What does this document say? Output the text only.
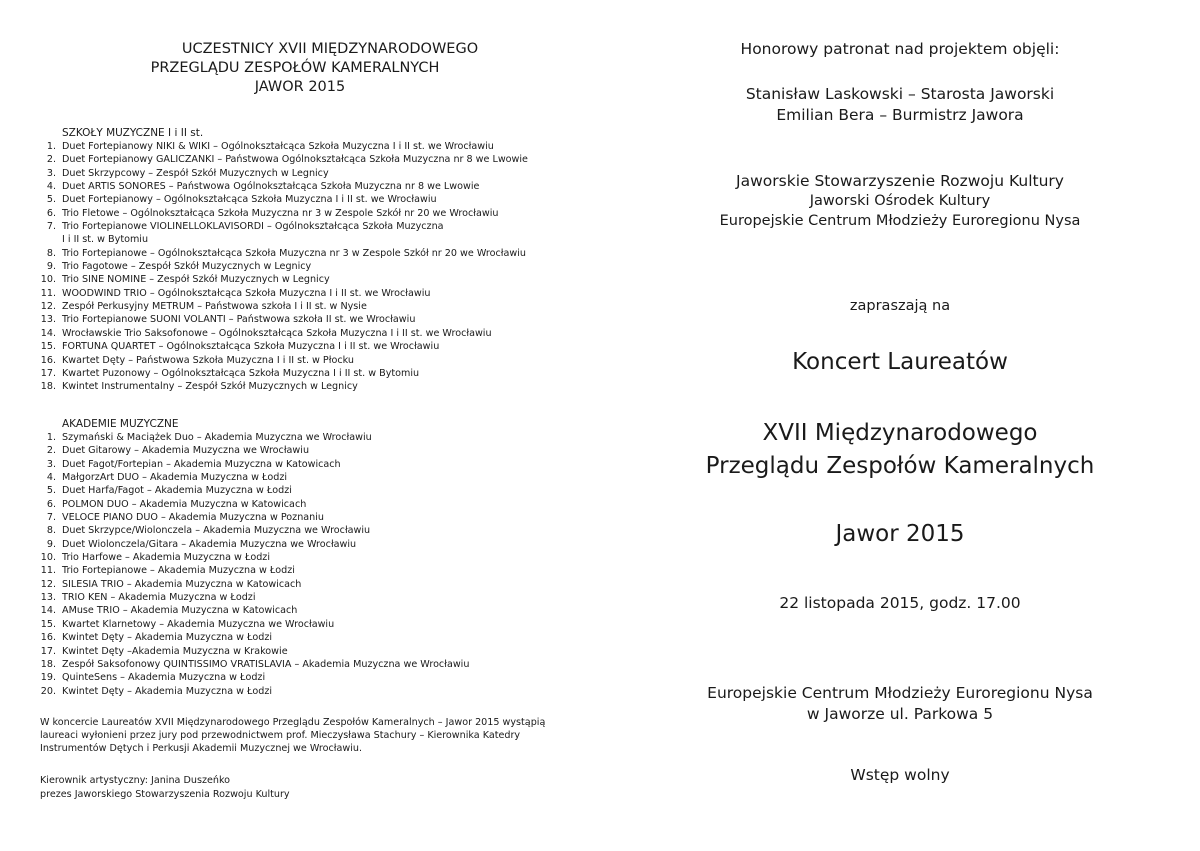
UCZESTNICY XVII MIĘDZYNARODOWEGO
PRZEGLĄDU ZESPOŁÓW KAMERALNYCH
JAWOR 2015
SZKOŁY MUZYCZNE I i II st.
1. Duet Fortepianowy NIKI & WIKI – Ogólnokształcąca Szkoła Muzyczna I i II st. we Wrocławiu
2. Duet Fortepianowy GALICZANKI – Państwowa Ogólnokształcąca Szkoła Muzyczna nr 8 we Lwowie
3. Duet Skrzypcowy – Zespół Szkół Muzycznych w Legnicy
4. Duet ARTIS SONORES – Państwowa Ogólnokształcąca Szkoła Muzyczna nr 8 we Lwowie
5. Duet Fortepianowy – Ogólnokształcąca Szkoła Muzyczna I i II st. we Wrocławiu
6. Trio Fletowe – Ogólnokształcąca Szkoła Muzyczna nr 3 w Zespole Szkół nr 20 we Wrocławiu
7. Trio Fortepianowe VIOLINELLOKLAVISORDI – Ogólnokształcąca Szkoła Muzyczna
I i II st. w Bytomiu
8. Trio Fortepianowe – Ogólnokształcąca Szkoła Muzyczna nr 3 w Zespole Szkół nr 20 we Wrocławiu
9. Trio Fagotowe – Zespół Szkół Muzycznych w Legnicy
10. Trio SINE NOMINE – Zespół Szkół Muzycznych w Legnicy
11. WOODWIND TRIO – Ogólnokształcąca Szkoła Muzyczna I i II st. we Wrocławiu
12. Zespół Perkusyjny METRUM – Państwowa szkoła I i II st. w Nysie
13. Trio Fortepianowe SUONI VOLANTI – Państwowa szkoła II st. we Wrocławiu
14. Wrocławskie Trio Saksofonowe – Ogólnokształcąca Szkoła Muzyczna I i II st. we Wrocławiu
15. FORTUNA QUARTET – Ogólnokształcąca Szkoła Muzyczna I i II st. we Wrocławiu
16. Kwartet Dęty – Państwowa Szkoła Muzyczna I i II st. w Płocku
17. Kwartet Puzonowy – Ogólnokształcąca Szkoła Muzyczna I i II st. w Bytomiu
18. Kwintet Instrumentalny – Zespół Szkół Muzycznych w Legnicy
AKADEMIE MUZYCZNE
1. Szymański & Maciążek Duo – Akademia Muzyczna we Wrocławiu
2. Duet Gitarowy – Akademia Muzyczna we Wrocławiu
3. Duet Fagot/Fortepian – Akademia Muzyczna w Katowicach
4. MałgorzArt DUO – Akademia Muzyczna w Łodzi
5. Duet Harfa/Fagot – Akademia Muzyczna w Łodzi
6. POLMON DUO – Akademia Muzyczna w Katowicach
7. VELOCE PIANO DUO – Akademia Muzyczna w Poznaniu
8. Duet Skrzypce/Wiolonczela – Akademia Muzyczna we Wrocławiu
9. Duet Wiolonczela/Gitara – Akademia Muzyczna we Wrocławiu
10. Trio Harfowe – Akademia Muzyczna w Łodzi
11. Trio Fortepianowe – Akademia Muzyczna w Łodzi
12. SILESIA TRIO – Akademia Muzyczna w Katowicach
13. TRIO KEN – Akademia Muzyczna w Łodzi
14. AMuse TRIO – Akademia Muzyczna w Katowicach
15. Kwartet Klarnetowy – Akademia Muzyczna we Wrocławiu
16. Kwintet Dęty – Akademia Muzyczna w Łodzi
17. Kwintet Dęty –Akademia Muzyczna w Krakowie
18. Zespół Saksofonowy QUINTISSIMO VRATISLAVIA – Akademia Muzyczna we Wrocławiu
19. QuinteSens – Akademia Muzyczna w Łodzi
20. Kwintet Dęty – Akademia Muzyczna w Łodzi
W koncercie Laureatów XVII Międzynarodowego Przeglądu Zespołów Kameralnych – Jawor 2015 wystąpią
laureaci wyłonieni przez jury pod przewodnictwem prof. Mieczysława Stachury – Kierownika Katedry
Instrumentów Dętych i Perkusji Akademii Muzycznej we Wrocławiu.
Kierownik artystyczny: Janina Duszeńko
prezes Jaworskiego Stowarzyszenia Rozwoju Kultury
Honorowy patronat nad projektem objęli:
Stanisław Laskowski – Starosta Jaworski
Emilian Bera – Burmistrz Jawora
Jaworskie Stowarzyszenie Rozwoju Kultury
Jaworski Ośrodek Kultury
Europejskie Centrum Młodzieży Euroregionu Nysa
zapraszają na
Koncert Laureatów
XVII Międzynarodowego
Przeglądu Zespołów Kameralnych
Jawor 2015
22 listopada 2015, godz. 17.00
Europejskie Centrum Młodzieży Euroregionu Nysa
w Jaworze ul. Parkowa 5
Wstęp wolny
